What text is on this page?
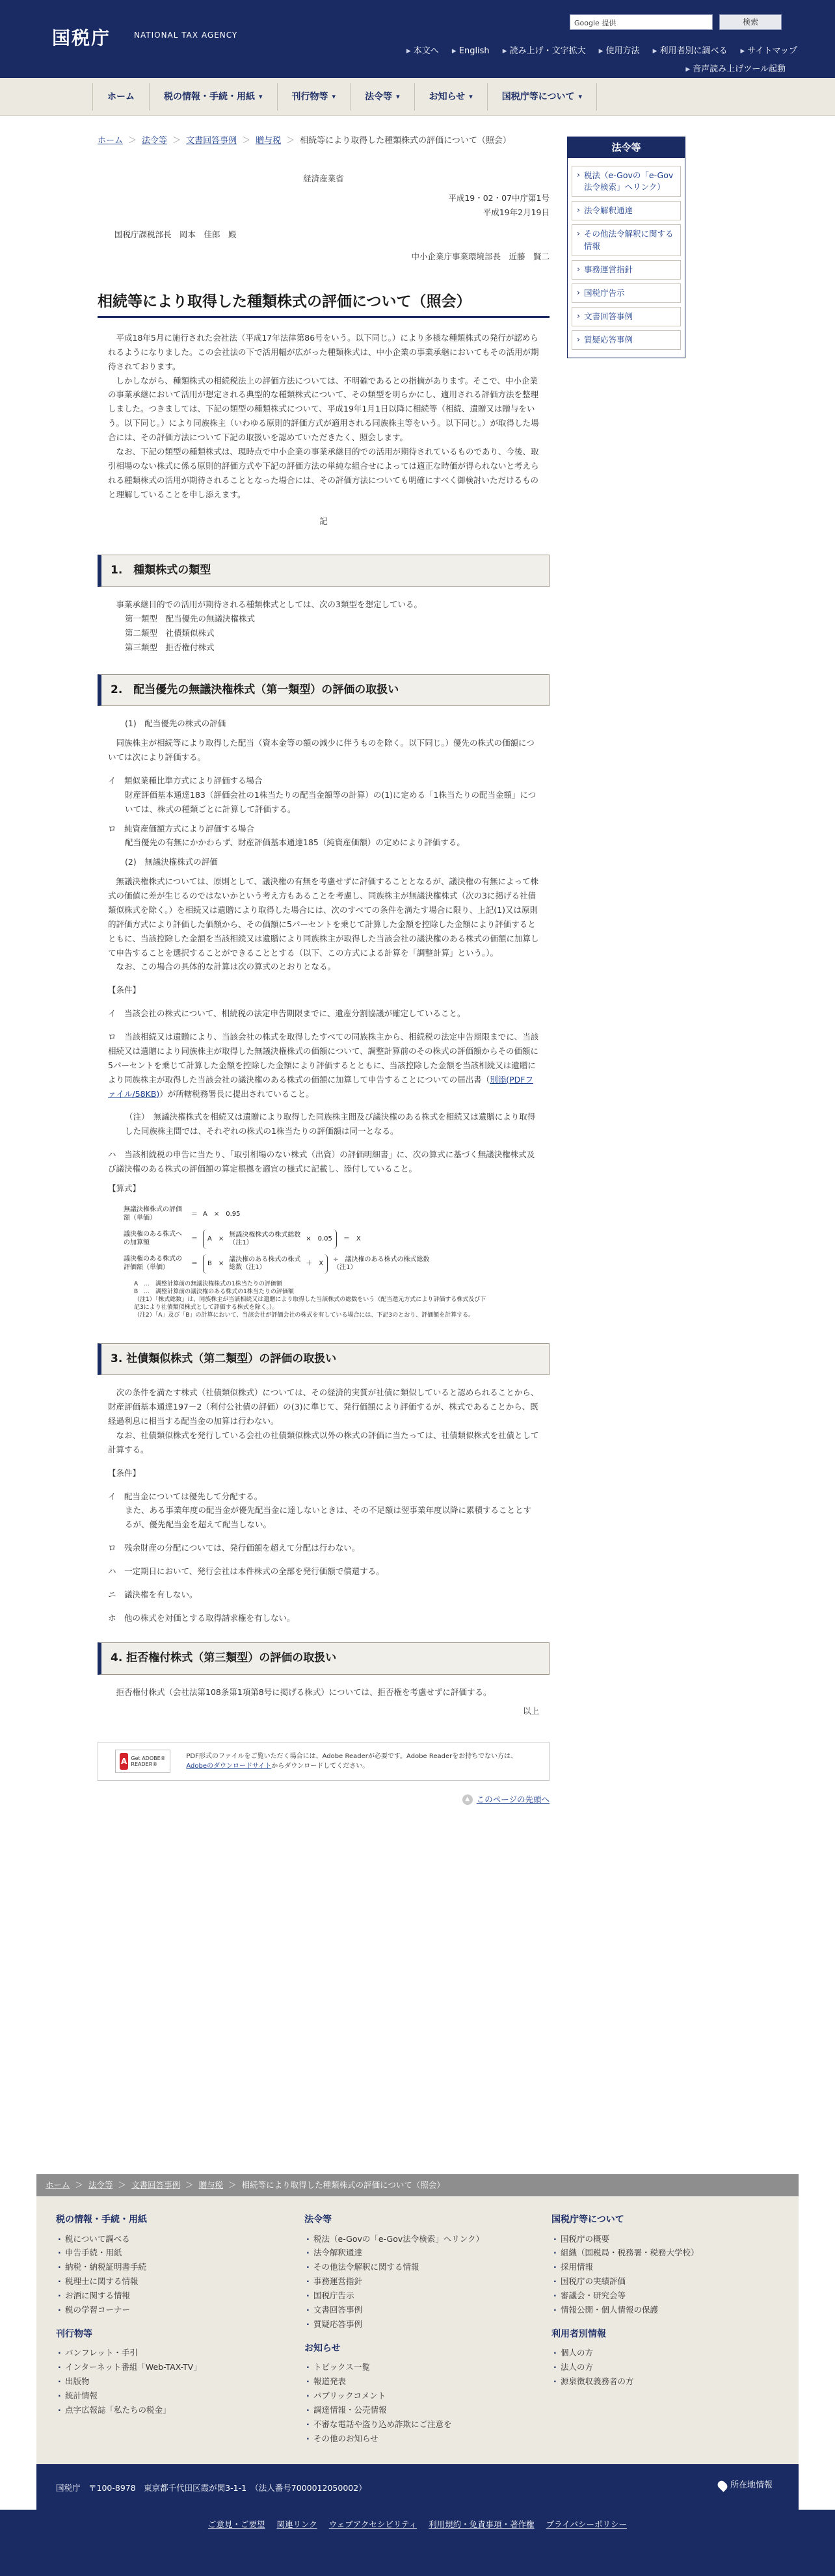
国税庁	NATIONAL TAX AGENCY
Google 提供	検索
▶ 本文へ ▶ English ▶ 読み上げ・文字拡大 ▶ 使用方法 ▶ 利用者別に調べる ▶ サイトマップ
▶ 音声読み上げツール起動
ホーム	税の情報・手続・用紙 ▾	刊行物等 ▾	法令等 ▾	お知らせ ▾	国税庁等について ▾
ホーム ＞ 法令等 ＞ 文書回答事例 ＞ 贈与税 ＞ 相続等により取得した種類株式の評価について（照会）
経済産業省
平成19・02・07中庁第1号
平成19年2月19日
国税庁課税部長　岡本　佳郎　殿
中小企業庁事業環境部長　近藤　賢二
相続等により取得した種類株式の評価について（照会）

平成18年5月に施行された会社法（平成17年法律第86号をいう。以下同じ。）により多様な種類株式の発行が認められるようになりました。この会社法の下で活用幅が広がった種類株式は、中小企業の事業承継においてもその活用が期待されております。

しかしながら、種類株式の相続税法上の評価方法については、不明確であるとの指摘があります。そこで、中小企業の事業承継において活用が想定される典型的な種類株式について、その類型を明らかにし、適用される評価方法を整理しました。つきましては、下記の類型の種類株式について、平成19年1月1日以降に相続等（相続、遺贈又は贈与をいう。以下同じ。）により同族株主（いわゆる原則的評価方式が適用される同族株主等をいう。以下同じ。）が取得した場合には、その評価方法について下記の取扱いを認めていただきたく、照会します。

なお、下記の類型の種類株式は、現時点で中小企業の事業承継目的での活用が期待されているものであり、今後、取引相場のない株式に係る原則的評価方式や下記の評価方法の単純な組合せによっては適正な時価が得られないと考えられる種類株式の活用が期待されることとなった場合には、その評価方法についても明確にすべく御検討いただけるものと理解していることを申し添えます。

記

1.　種類株式の類型

事業承継目的での活用が期待される種類株式としては、次の3類型を想定している。

第一類型　配当優先の無議決権株式

第二類型　社債類似株式

第三類型　拒否権付株式

2.　配当優先の無議決権株式（第一類型）の評価の取扱い

(1)　配当優先の株式の評価

同族株主が相続等により取得した配当（資本金等の額の減少に伴うものを除く。以下同じ。）優先の株式の価額については次により評価する。

イ　類似業種比準方式により評価する場合

財産評価基本通達183（評価会社の1株当たりの配当金額等の計算）の(1)に定める「1株当たりの配当金額」については、株式の種類ごとに計算して評価する。

ロ　純資産価額方式により評価する場合

配当優先の有無にかかわらず、財産評価基本通達185（純資産価額）の定めにより評価する。

(2)　無議決権株式の評価

無議決権株式については、原則として、議決権の有無を考慮せずに評価することとなるが、議決権の有無によって株式の価値に差が生じるのではないかという考え方もあることを考慮し、同族株主が無議決権株式（次の3に掲げる社債類似株式を除く。）を相続又は遺贈により取得した場合には、次のすべての条件を満たす場合に限り、上記(1)又は原則的評価方式により評価した価額から、その価額に5パーセントを乗じて計算した金額を控除した金額により評価するとともに、当該控除した金額を当該相続又は遺贈により同族株主が取得した当該会社の議決権のある株式の価額に加算して申告することを選択することができることとする（以下、この方式による計算を「調整計算」という。）。

なお、この場合の具体的な計算は次の算式のとおりとなる。

【条件】

イ　当該会社の株式について、相続税の法定申告期限までに、遺産分割協議が確定していること。

ロ　当該相続又は遺贈により、当該会社の株式を取得したすべての同族株主から、相続税の法定申告期限までに、当該相続又は遺贈により同族株主が取得した無議決権株式の価額について、調整計算前のその株式の評価額からその価額に5パーセントを乗じて計算した金額を控除した金額により評価するとともに、当該控除した金額を当該相続又は遺贈により同族株主が取得した当該会社の議決権のある株式の価額に加算して申告することについての届出書（別添(PDFファイル/58KB)）が所轄税務署長に提出されていること。

（注）　無議決権株式を相続又は遺贈により取得した同族株主間及び議決権のある株式を相続又は遺贈により取得した同族株主間では、それぞれの株式の1株当たりの評価額は同一となる。

ハ　当該相続税の申告に当たり、「取引相場のない株式（出資）の評価明細書」に、次の算式に基づく無議決権株式及び議決権のある株式の評価額の算定根拠を適宜の様式に記載し、添付していること。

【算式】

無議決権株式の評価額（単価）
＝ A　×　0.95
議決権のある株式への加算額
＝	A　×
無議決権株式の株式総数（注1）
×　0.05 ＝　X
議決権のある株式の評価額（単価）
＝	B　×
議決権のある株式の株式総数（注1）
＋　X
÷　議決権のある株式の株式総数（注1）
A　…　調整計算前の無議決権株式の1株当たりの評価額
B　…　調整計算前の議決権のある株式の1株当たりの評価額
（注1）「株式総数」は、同族株主が当該相続又は遺贈により取得した当該株式の総数をいう（配当還元方式により評価する株式及び下記3により社債類似株式として評価する株式を除く。）。
（注2）「A」及び「B」の計算において、当該会社が評価会社の株式を有している場合には、下記3のとおり、評価額を計算する。
3. 社債類似株式（第二類型）の評価の取扱い

次の条件を満たす株式（社債類似株式）については、その経済的実質が社債に類似していると認められることから、財産評価基本通達197－2（利付公社債の評価）の(3)に準じて、発行価額により評価するが、株式であることから、既経過利息に相当する配当金の加算は行わない。

なお、社債類似株式を発行している会社の社債類似株式以外の株式の評価に当たっては、社債類似株式を社債として計算する。

【条件】

イ　配当金については優先して分配する。

また、ある事業年度の配当金が優先配当金に達しないときは、その不足額は翌事業年度以降に累積することとするが、優先配当金を超えて配当しない。

ロ　残余財産の分配については、発行価額を超えて分配は行わない。

ハ　一定期日において、発行会社は本件株式の全部を発行価額で償還する。

ニ　議決権を有しない。

ホ　他の株式を対価とする取得請求権を有しない。

4. 拒否権付株式（第三類型）の評価の取扱い

拒否権付株式（会社法第108条第1項第8号に掲げる株式）については、拒否権を考慮せずに評価する。

以上

A Get ADOBE® READER®
PDF形式のファイルをご覧いただく場合には、Adobe Readerが必要です。Adobe Readerをお持ちでない方は、Adobeのダウンロードサイトからダウンロードしてください。
▲ このページの先頭へ
法令等
› 税法（e-Govの「e-Gov法令検索」へリンク）
› 法令解釈通達
› その他法令解釈に関する情報
› 事務運営指針
› 国税庁告示
› 文書回答事例
› 質疑応答事例
ホーム ＞ 法令等 ＞ 文書回答事例 ＞ 贈与税 ＞ 相続等により取得した種類株式の評価について（照会）
税の情報・手続・用紙
· 税について調べる
· 申告手続・用紙
· 納税・納税証明書手続
· 税理士に関する情報
· お酒に関する情報
· 税の学習コーナー
刊行物等
· パンフレット・手引
· インターネット番組「Web-TAX-TV」
· 出版物
· 統計情報
· 点字広報誌「私たちの税金」
法令等
· 税法（e-Govの「e-Gov法令検索」へリンク）
· 法令解釈通達
· その他法令解釈に関する情報
· 事務運営指針
· 国税庁告示
· 文書回答事例
· 質疑応答事例
お知らせ
· トピックス一覧
· 報道発表
· パブリックコメント
· 調達情報・公売情報
· 不審な電話や盗り込め詐欺にご注意を
· その他のお知らせ
国税庁等について
· 国税庁の概要
· 組織（国税局・税務署・税務大学校）
· 採用情報
· 国税庁の実績評価
· 審議会・研究会等
· 情報公開・個人情報の保護
利用者別情報
· 個人の方
· 法人の方
· 源泉徴収義務者の方
国税庁　〒100-8978　東京都千代田区霞が関3-1-1　（法人番号7000012050002）	所在地情報
ご意見・ご要望 関連リンク ウェブアクセシビリティ 利用規約・免責事項・著作権 プライバシーポリシー
